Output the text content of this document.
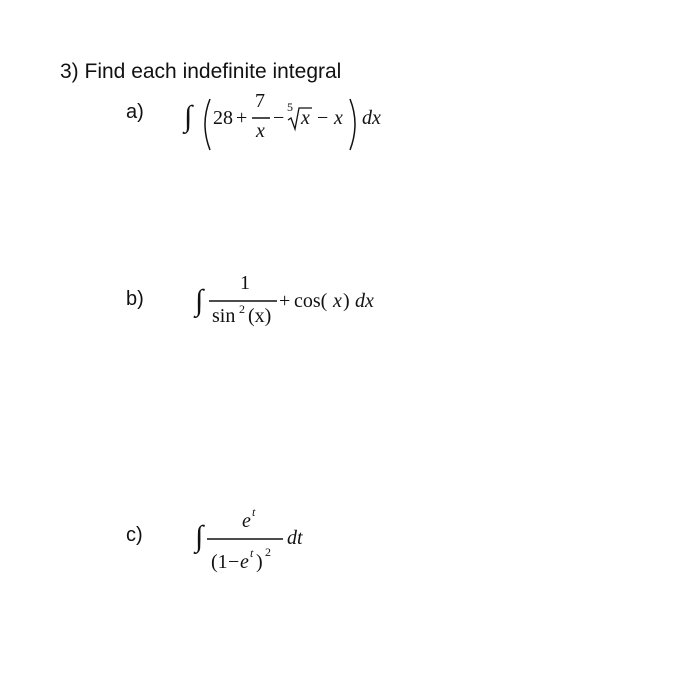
3) Find each indefinite integral
a) ∫ 28 +
7
x
− 5 x − x dx
b) ∫
1
sin 2 (x)
+ cos( x ) dx
c) ∫ e t
(1 − e t ) 2
dt
